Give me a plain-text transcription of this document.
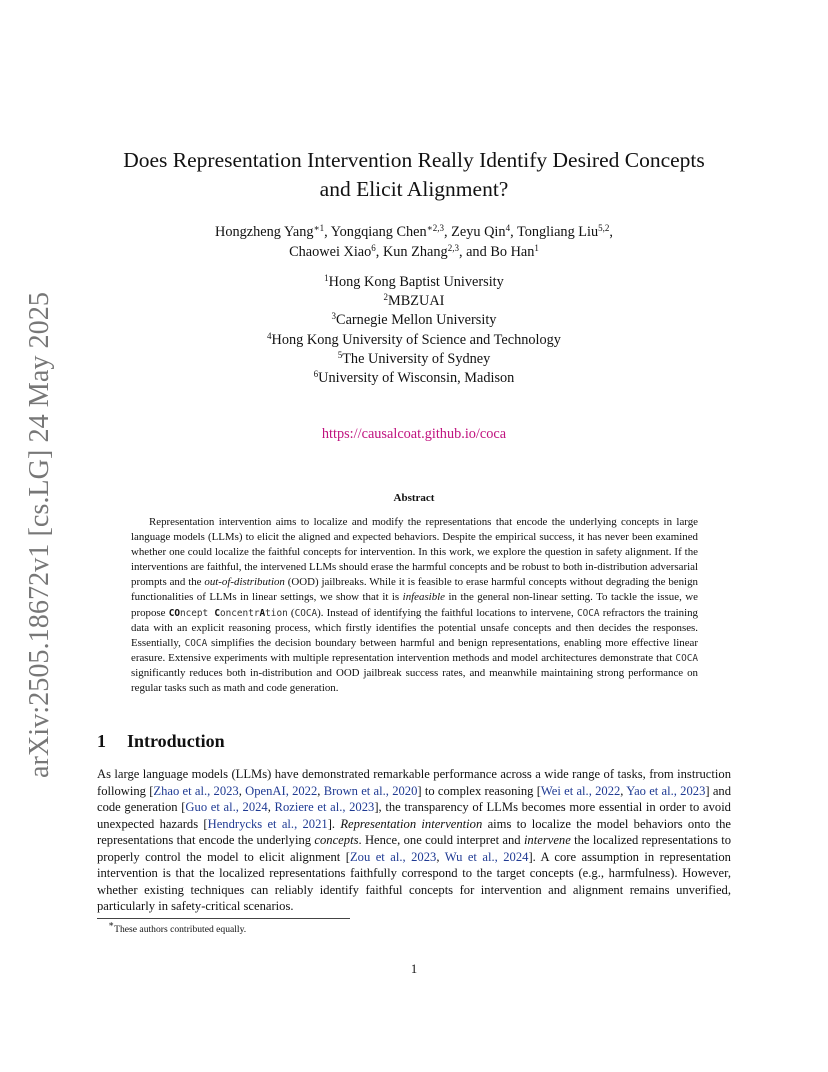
arXiv:2505.18672v1 [cs.LG] 24 May 2025
Does Representation Intervention Really Identify Desired Concepts
and Elicit Alignment?
Hongzheng Yang$^{∗1}$, Yongqiang Chen$^{∗2,3}$, Zeyu Qin$^4$, Tongliang Liu$^{5,2}$,
Chaowei Xiao$^6$, Kun Zhang$^{2,3}$, and Bo Han$^1$
$^1$Hong Kong Baptist University
$^2$MBZUAI
$^3$Carnegie Mellon University
$^4$Hong Kong University of Science and Technology
$^5$The University of Sydney
$^6$University of Wisconsin, Madison
https://causalcoat.github.io/coca
Abstract

Representation intervention aims to localize and modify the representations that encode the underlying concepts in large language models (LLMs) to elicit the aligned and expected behaviors. Despite the empirical success, it has never been examined whether one could localize the faithful concepts for intervention. In this work, we explore the question in safety alignment. If the interventions are faithful, the intervened LLMs should erase the harmful concepts and be robust to both in-distribution adversarial prompts and the out-of-distribution (OOD) jailbreaks. While it is feasible to erase harmful concepts without degrading the benign functionalities of LLMs in linear settings, we show that it is infeasible in the general non-linear setting. To tackle the issue, we propose COncept ConcentrAtion (COCA). Instead of identifying the faithful locations to intervene, COCA refractors the training data with an explicit reasoning process, which firstly identifies the potential unsafe concepts and then decides the responses. Essentially, COCA simplifies the decision boundary between harmful and benign representations, enabling more effective linear erasure. Extensive experiments with multiple representation intervention methods and model architectures demonstrate that COCA significantly reduces both in-distribution and OOD jailbreak success rates, and meanwhile maintaining strong performance on regular tasks such as math and code generation.

1 Introduction

As large language models (LLMs) have demonstrated remarkable performance across a wide range of tasks, from instruction following [Zhao et al., 2023, OpenAI, 2022, Brown et al., 2020] to complex reasoning [Wei et al., 2022, Yao et al., 2023] and code generation [Guo et al., 2024, Roziere et al., 2023], the transparency of LLMs becomes more essential in order to avoid unexpected hazards [Hendrycks et al., 2021]. Representation intervention aims to localize the model behaviors onto the representations that encode the underlying concepts. Hence, one could interpret and intervene the localized representations to properly control the model to elicit alignment [Zou et al., 2023, Wu et al., 2024]. A core assumption in representation intervention is that the localized representations faithfully correspond to the target concepts (e.g., harmfulness). However, whether existing techniques can reliably identify faithful concepts for intervention and alignment remains unverified, particularly in safety-critical scenarios.

∗These authors contributed equally.
1
